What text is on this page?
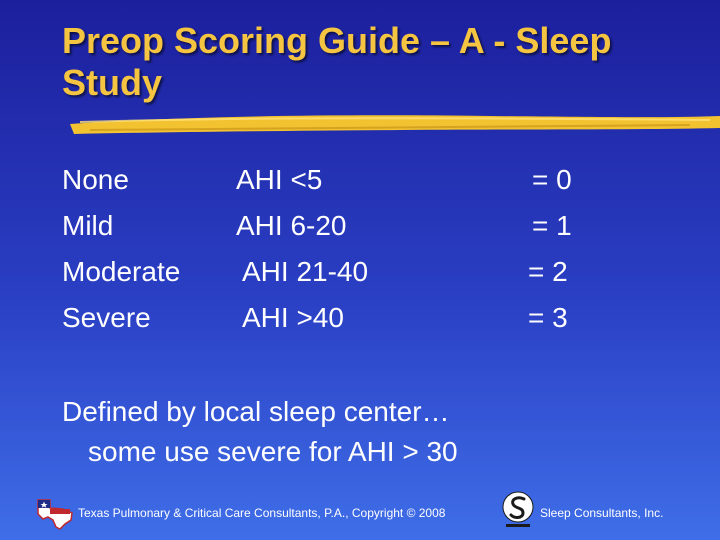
Preop Scoring Guide – A - Sleep Study
None	AHI <5	= 0
Mild	AHI 6-20	= 1
Moderate AHI 21-40	= 2
Severe	AHI >40	= 3
Defined by local sleep center…
some use severe for AHI > 30
Texas Pulmonary & Critical Care Consultants, P.A., Copyright © 2008	Sleep Consultants, Inc.
